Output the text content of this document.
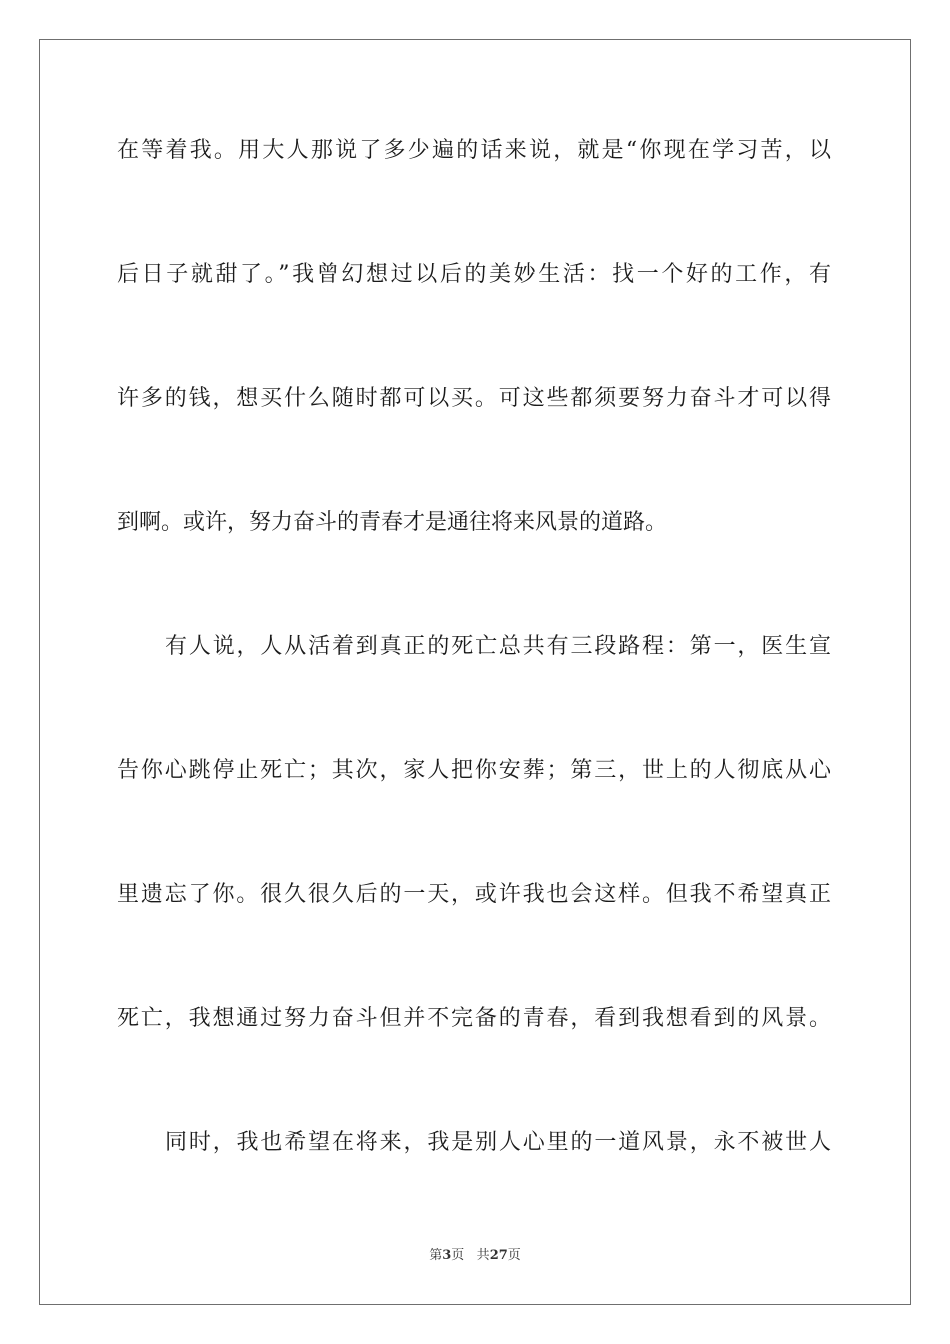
在等着我。用大人那说了多少遍的话来说，就是“你现在学习苦，以
后日子就甜了。”我曾幻想过以后的美妙生活：找一个好的工作，有
许多的钱，想买什么随时都可以买。可这些都须要努力奋斗才可以得
到啊。或许，努力奋斗的青春才是通往将来风景的道路。
有人说，人从活着到真正的死亡总共有三段路程：第一，医生宣
告你心跳停止死亡；其次，家人把你安葬；第三，世上的人彻底从心
里遗忘了你。很久很久后的一天，或许我也会这样。但我不希望真正
死亡，我想通过努力奋斗但并不完备的青春，看到我想看到的风景。
同时，我也希望在将来，我是别人心里的一道风景，永不被世人
第3页 共27页
